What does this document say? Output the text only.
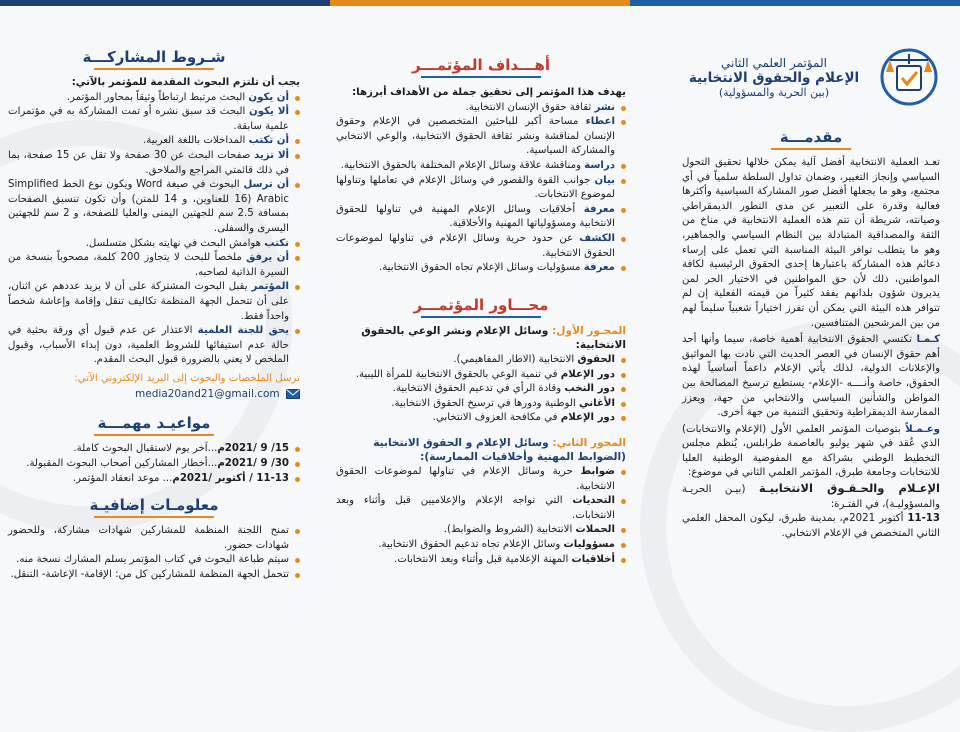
المؤتمر العلمي الثاني
الإعلام والحقوق الانتخابية
(بين الحرية والمسؤولية)
مقدمـــة

تعـد العملية الانتخابية أفضل آلية يمكن خلالها تحقيق التحول السياسي وإنجاز التغيير، وضمان تداول السلطة سلمياً في أي مجتمع، وهو ما يجعلها أفضل صور المشاركة السياسية وأكثرها فعالية وقدرة على التعبير عن مدى التطور الديمقراطي وصيانته، شريطة أن تتم هذه العملية الانتخابية في مناخ من الثقة والمصداقية المتبادلة بين النظام السياسي والجماهير، وهو ما يتطلب توافر البيئة المناسبة التي تعمل على إرساء دعائم هذه المشاركة باعتبارها إحدى الحقوق الرئيسية لكافة المواطنين، ذلك لأن حق المواطنين في الاختيار الحر لمن يديرون شؤون بلدانهم يفقد كثيراً من قيمته الفعلية إن لم تتوافر هذه البيئة التي يمكن أن تفرز اختياراً شعبياً سليماً لهم من بين المرشحين المتنافسين.

كـمـا تكتسي الحقوق الانتخابية أهمية خاصة، سيما وأنها أحد أهم حقوق الإنسان في العصر الحديث التي نادت بها المواثيق والإعلانات الدولية، لذلك يأتي الإعلام داعماً أساسياً لهذه الحقوق، خاصة وأنــــه -الإعلام- يستطيع ترسيخ المصالحة بين المواطن والشأنين السياسي والانتخابي من جهة، ويعزز الممارسة الديمقراطية وتحقيق التنمية من جهة أخرى.

وعـمـلاً بتوصيات المؤتمر العلمي الأول (الإعلام والانتخابات) الذي عُقد في شهر يوليو بالعاصمة طرابلس، يُنظم مجلس التخطيط الوطني بشراكة مع المفوضية الوطنية العليا للانتخابات وجامعة طبرق، المؤتمر العلمي الثاني في موضوع:

الإعـلام والحـقـوق الانتخابيـة (بيـن الحريـة والمسؤوليـة)، في الفتـرة:

11-13 أكتوبر 2021م، بمدينة طبرق، ليكون المحفل العلمي الثاني المتخصص في الإعلام الانتخابي.

أهـــداف المؤتمـــر

يهدف هذا المؤتمر إلى تحقيق جملة من الأهداف أبرزها:

نشر ثقافة حقوق الإنسان الانتخابية.
اعطاء مساحة أكبر للباحثين المتخصصين في الإعلام وحقوق الإنسان لمناقشة ونشر ثقافة الحقوق الانتخابية، والوعي الانتخابي والمشاركة السياسية.
دراسة ومناقشة علاقة وسائل الإعلام المختلفة بالحقوق الانتخابية.
بيان جوانب القوة والقصور في وسائل الإعلام في تعاملها وتناولها لموضوع الانتخابات.
معرفة أخلاقيات وسائل الإعلام المهنية في تناولها للحقوق الانتخابية ومسؤولياتها المهنية والأخلاقية.
الكشف عن حدود حرية وسائل الإعلام في تناولها لموضوعات الحقوق الانتخابية.
معرفة مسؤوليات وسائل الإعلام تجاه الحقوق الانتخابية.
محـــاور المؤتمـــر

المحـور الأول: وسائل الإعلام ونشر الوعي بالحقوق الانتخابية:

الحقوق الانتخابية (الاطار المفاهيمي).
دور الإعلام في تنمية الوعي بالحقوق الانتخابية للمرأة الليبية.
دور النخب وقادة الرأي في تدعيم الحقوق الانتخابية.
الأغاني الوطنية ودورها في ترسيخ الحقوق الانتخابية.
دور الإعلام في مكافحة العزوف الانتخابي.

المحور الثاني: وسائل الإعلام و الحقوق الانتخابية (الضوابط المهنية وأخلاقيات الممارسة):

ضوابط حرية وسائل الإعلام في تناولها لموضوعات الحقوق الانتخابية.
التحديات التي تواجه الإعلام والإعلاميين قبل وأثناء وبعد الانتخابات.
الحملات الانتخابية (الشروط والضوابط).
مسؤوليات وسائل الإعلام تجاه تدعيم الحقوق الانتخابية.
أخلاقيات المهنة الإعلامية قبل وأثناء وبعد الانتخابات.
شـروط المشاركـــة

يجب أن تلتزم البحوث المقدمة للمؤتمر بالآتي:

أن يكون البحث مرتبط ارتباطاً وثيقاً بمحاور المؤتمر.
ألا يكون البحث قد سبق نشره أو تمت المشاركة به في مؤتمرات علمية سابقة.
أن تكتب المداخلات باللغة العربية.
ألا تزيد صفحات البحث عن 30 صفحة ولا تقل عن 15 صفحة، بما في ذلك قائمتي المراجع والملاحق.
أن ترسل البحوث في صيغة Word ويكون نوع الخط Simplified Arabic (16 للعناوين، و 14 للمتن) وأن تكون تنسيق الصفحات بمسافة 2.5 سم للجهتين اليمنى والعليا للصفحة، و 2 سم للجهتين اليسرى والسفلى.
تكتب هوامش البحث في نهايته بشكل متسلسل.
أن يرفق ملخصاً للبحث لا يتجاوز 200 كلمة، مصحوباً بنسخة من السيرة الذاتية لصاحبه.
المؤتمر يقبل البحوث المشتركة على أن لا يزيد عددهم عن اثنان، على أن تتحمل الجهة المنظمة تكاليف تنقل وإقامة وإعاشة شخصاً واحداً فقط.
يحق للجنة العلمية الاعتذار عن عدم قبول أي ورقة بحثية في حالة عدم استيفائها للشروط العلمية، دون إبداء الأسباب، وقبول الملخص لا يعني بالضرورة قبول البحث المقدم.

ترسل الملخصات والبحوث إلى البريد الإلكتروني الآتي:

media20and21@gmail.com
مواعيـد مهمـــة
15/ 9 /2021م...آخر يوم لاستقبال البحوث كاملة.
30/ 9 /2021م...أخطار المشاركين أصحاب البحوث المقبولة.
11-13 / أكتوبر /2021م... موعد انعقاد المؤتمر.
معلومـات إضافيـة
تمنح اللجنة المنظمة للمشاركين شهادات مشاركة، وللحضور شهادات حضور.
سيتم طباعة البحوث في كتاب المؤتمر يسلم المشارك نسخة منه.
تتحمل الجهة المنظمة للمشاركين كل من: الإقامة- الإعاشة- التنقل.
